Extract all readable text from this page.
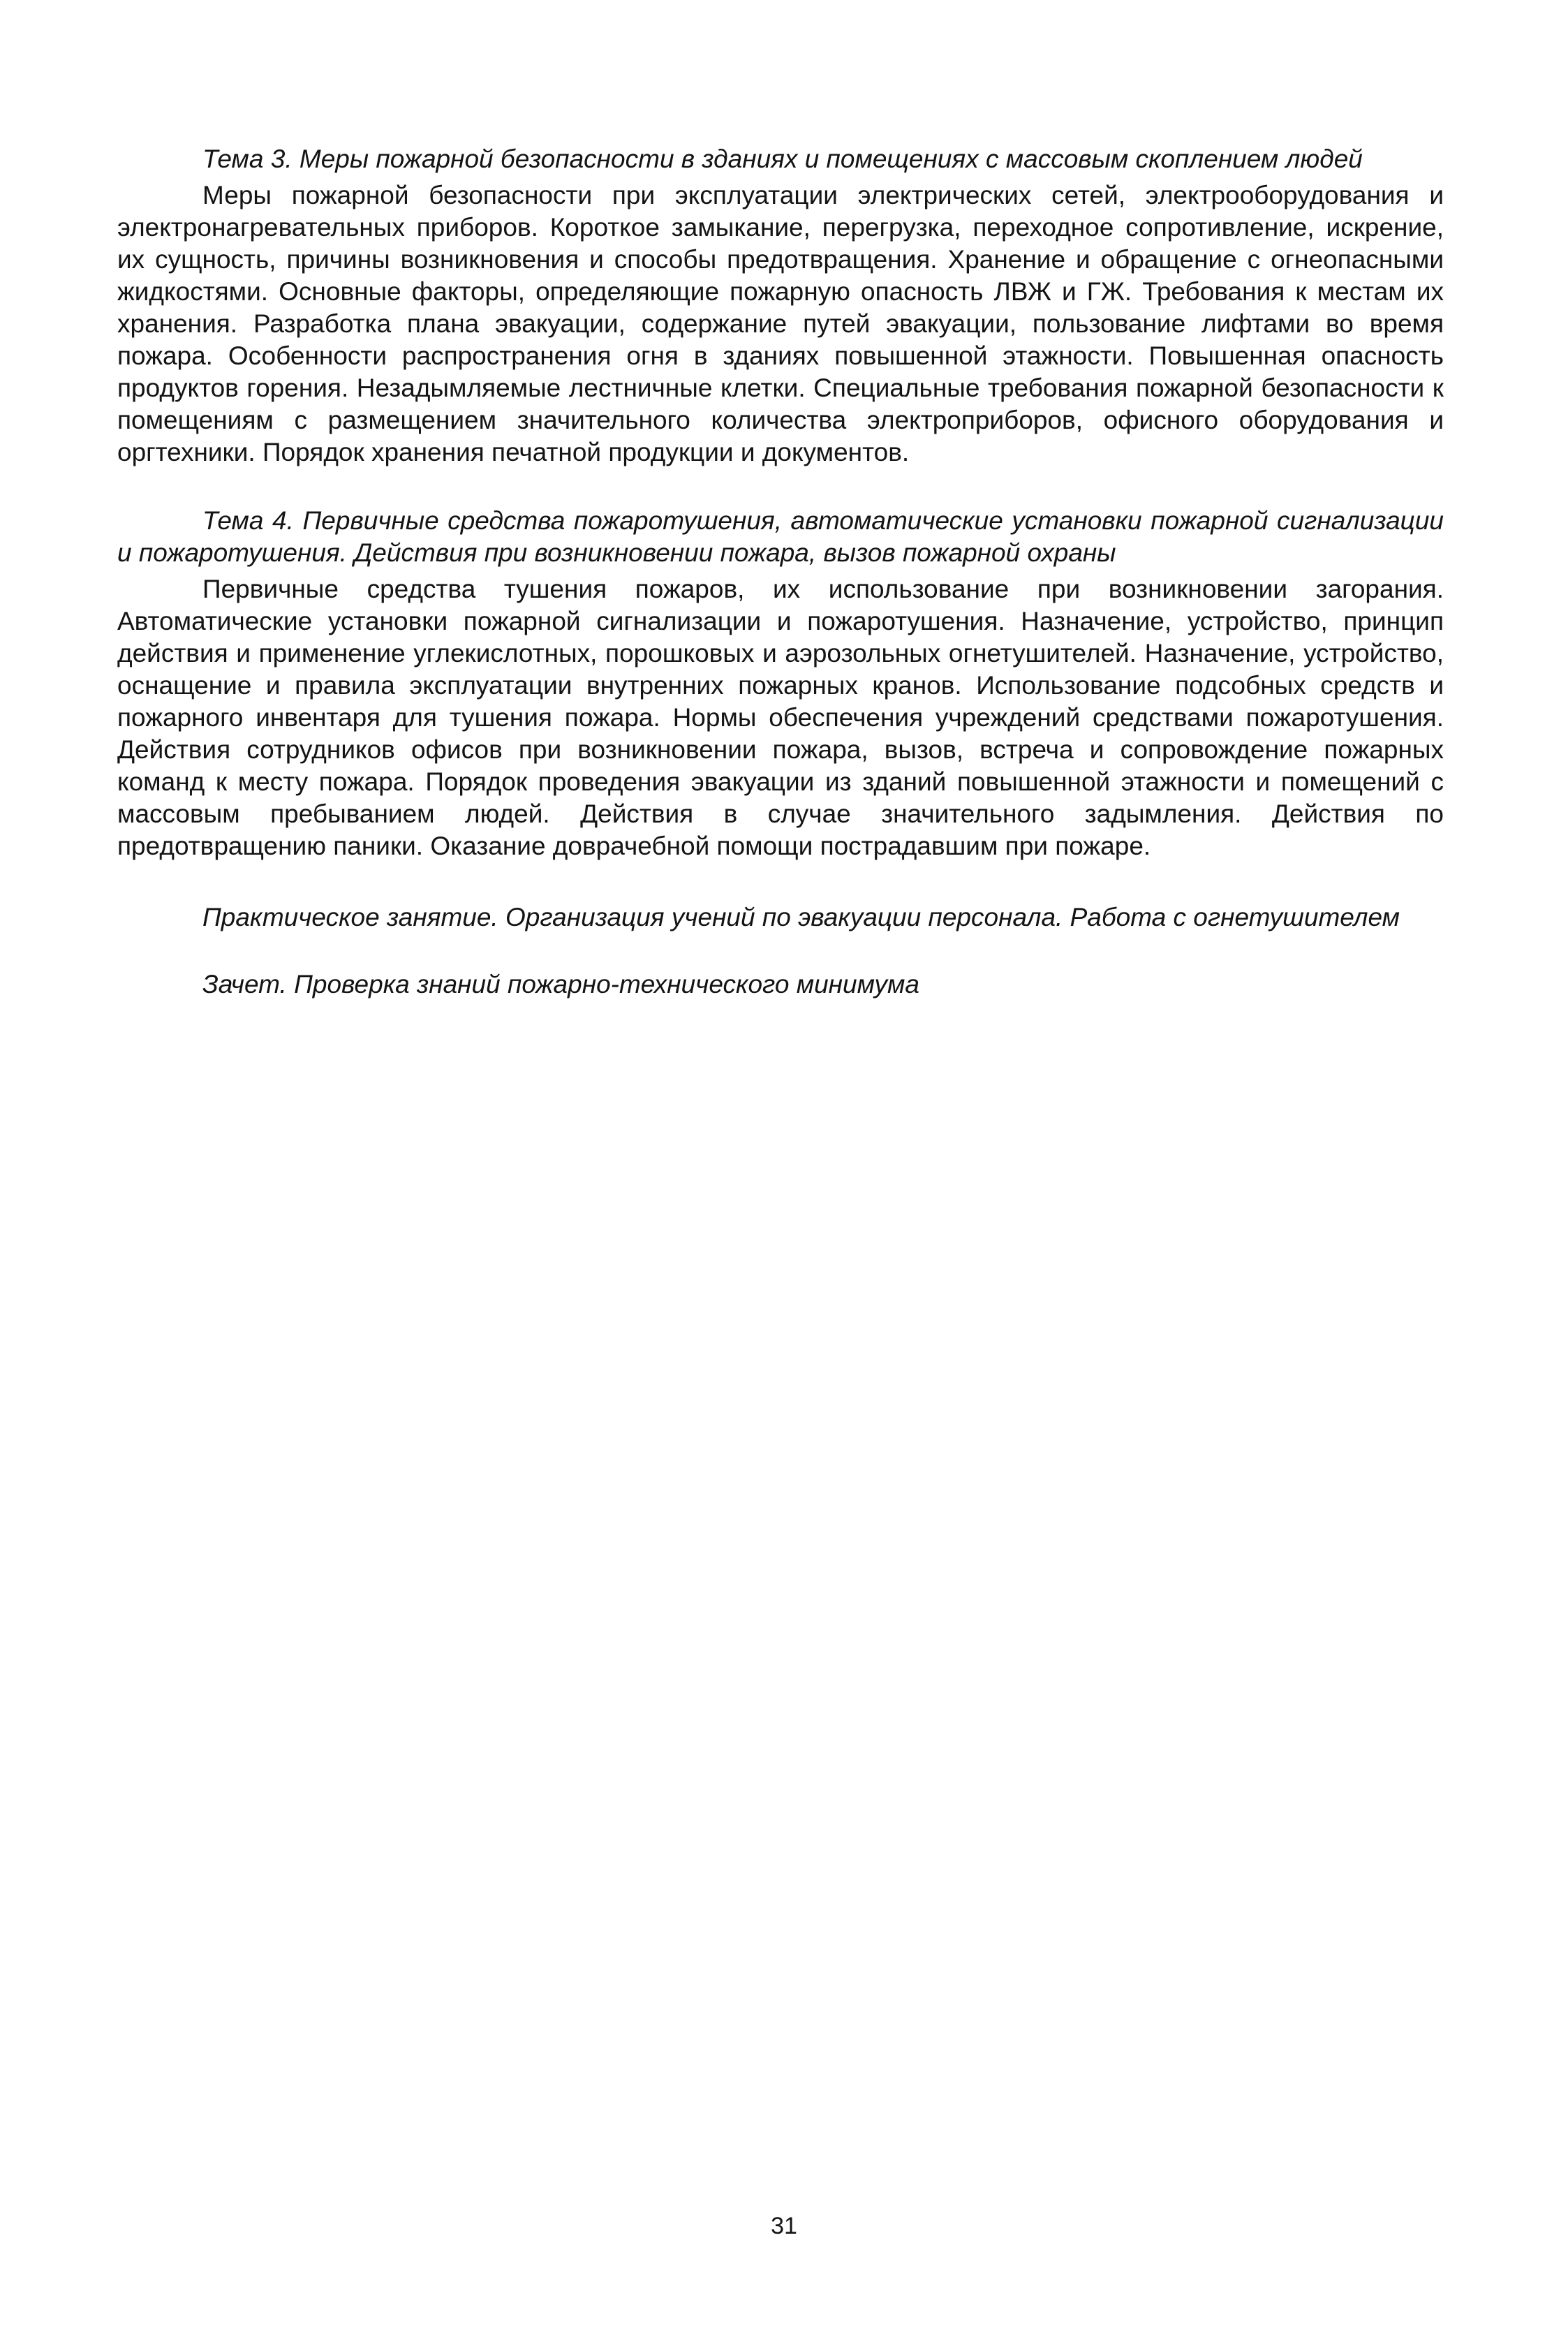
Тема 3. Меры пожарной безопасности в зданиях и помещениях с массовым скоплением людей

Меры пожарной безопасности при эксплуатации электрических сетей, электрооборудования и электронагревательных приборов. Короткое замыкание, перегрузка, переходное сопротивление, искрение, их сущность, причины возникновения и способы предотвращения. Хранение и обращение с огнеопасными жидкостями. Основные факторы, определяющие пожарную опасность ЛВЖ и ГЖ. Требования к местам их хранения. Разработка плана эвакуации, содержание путей эвакуации, пользование лифтами во время пожара. Особенности распространения огня в зданиях повышенной этажности. Повышенная опасность продуктов горения. Незадымляемые лестничные клетки. Специальные требования пожарной безопасности к помещениям с размещением значительного количества электроприборов, офисного оборудования и оргтехники. Порядок хранения печатной продукции и документов.

Тема 4. Первичные средства пожаротушения, автоматические установки пожарной сигнализации и пожаротушения. Действия при возникновении пожара, вызов пожарной охраны

Первичные средства тушения пожаров, их использование при возникновении загорания. Автоматические установки пожарной сигнализации и пожаротушения. Назначение, устройство, принцип действия и применение углекислотных, порошковых и аэрозольных огнетушителей. Назначение, устройство, оснащение и правила эксплуатации внутренних пожарных кранов. Использование подсобных средств и пожарного инвентаря для тушения пожара. Нормы обеспечения учреждений средствами пожаротушения. Действия сотрудников офисов при возникновении пожара, вызов, встреча и сопровождение пожарных команд к месту пожара. Порядок проведения эвакуации из зданий повышенной этажности и помещений с массовым пребыванием людей. Действия в случае значительного задымления. Действия по предотвращению паники. Оказание доврачебной помощи пострадавшим при пожаре.

Практическое занятие. Организация учений по эвакуации персонала. Работа с огнетушителем

Зачет. Проверка знаний пожарно-технического минимума

31
